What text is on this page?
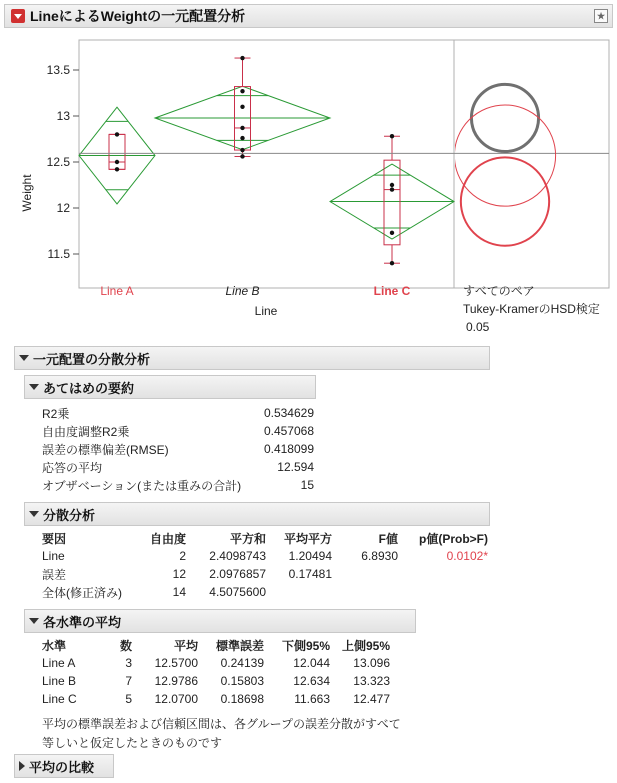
LineによるWeightの一元配置分析	★
13.5
13
12.5
12
11.5
Line A	Line B	Line C
Weight
Line
すべてのペア
Tukey-KramerのHSD検定
0.05
一元配置の分散分析
あてはめの要約
R2乗	0.534629
自由度調整R2乗	0.457068
誤差の標準偏差(RMSE)	0.418099
応答の平均	12.594
オブザベーション(または重みの合計)	15
分散分析
要因	自由度	平方和	平均平方	F値	p値(Prob>F)
Line	2	2.4098743	1.20494	6.8930	0.0102*
誤差	12	2.0976857	0.17481		
全体(修正済み)	14	4.5075600			
各水準の平均
水準	数	平均	標準誤差	下側95%	上側95%
Line A	3	12.5700	0.24139	12.044	13.096
Line B	7	12.9786	0.15803	12.634	13.323
Line C	5	12.0700	0.18698	11.663	12.477
平均の標準誤差および信頼区間は、各グループの誤差分散がすべて
等しいと仮定したときのものです
平均の比較
